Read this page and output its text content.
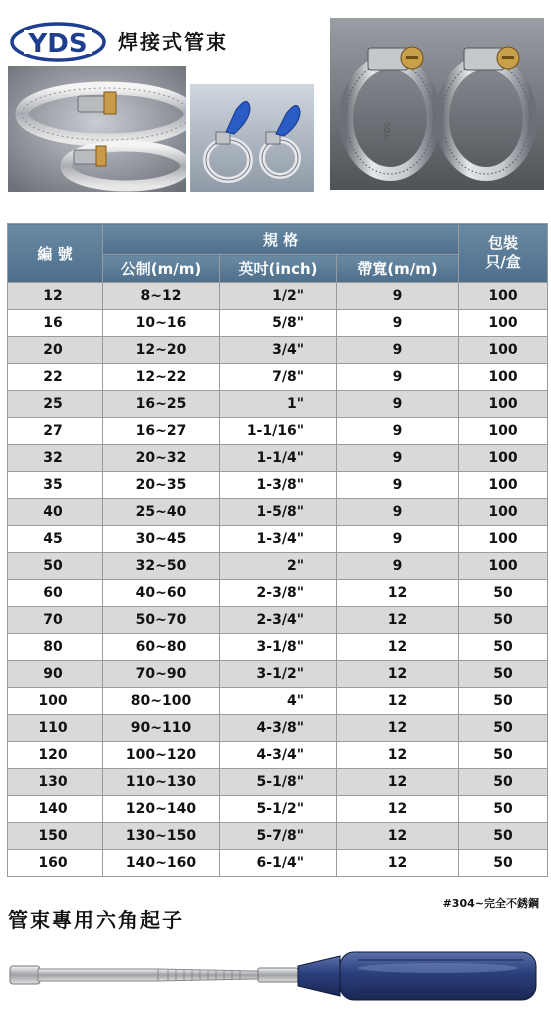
YDS 焊接式管束
YDS
編 號	規 格			包裝
只/盒
	公制(m/m)	英吋(inch)	帶寬(m/m)	
12	8~12	1/2"	9	100
16	10~16	5/8"	9	100
20	12~20	3/4"	9	100
22	12~22	7/8"	9	100
25	16~25	1"	9	100
27	16~27	1-1/16"	9	100
32	20~32	1-1/4"	9	100
35	20~35	1-3/8"	9	100
40	25~40	1-5/8"	9	100
45	30~45	1-3/4"	9	100
50	32~50	2"	9	100
60	40~60	2-3/8"	12	50
70	50~70	2-3/4"	12	50
80	60~80	3-1/8"	12	50
90	70~90	3-1/2"	12	50
100	80~100	4"	12	50
110	90~110	4-3/8"	12	50
120	100~120	4-3/4"	12	50
130	110~130	5-1/8"	12	50
140	120~140	5-1/2"	12	50
150	130~150	5-7/8"	12	50
160	140~160	6-1/4"	12	50
#304~完全不銹鋼
管束專用六角起子
